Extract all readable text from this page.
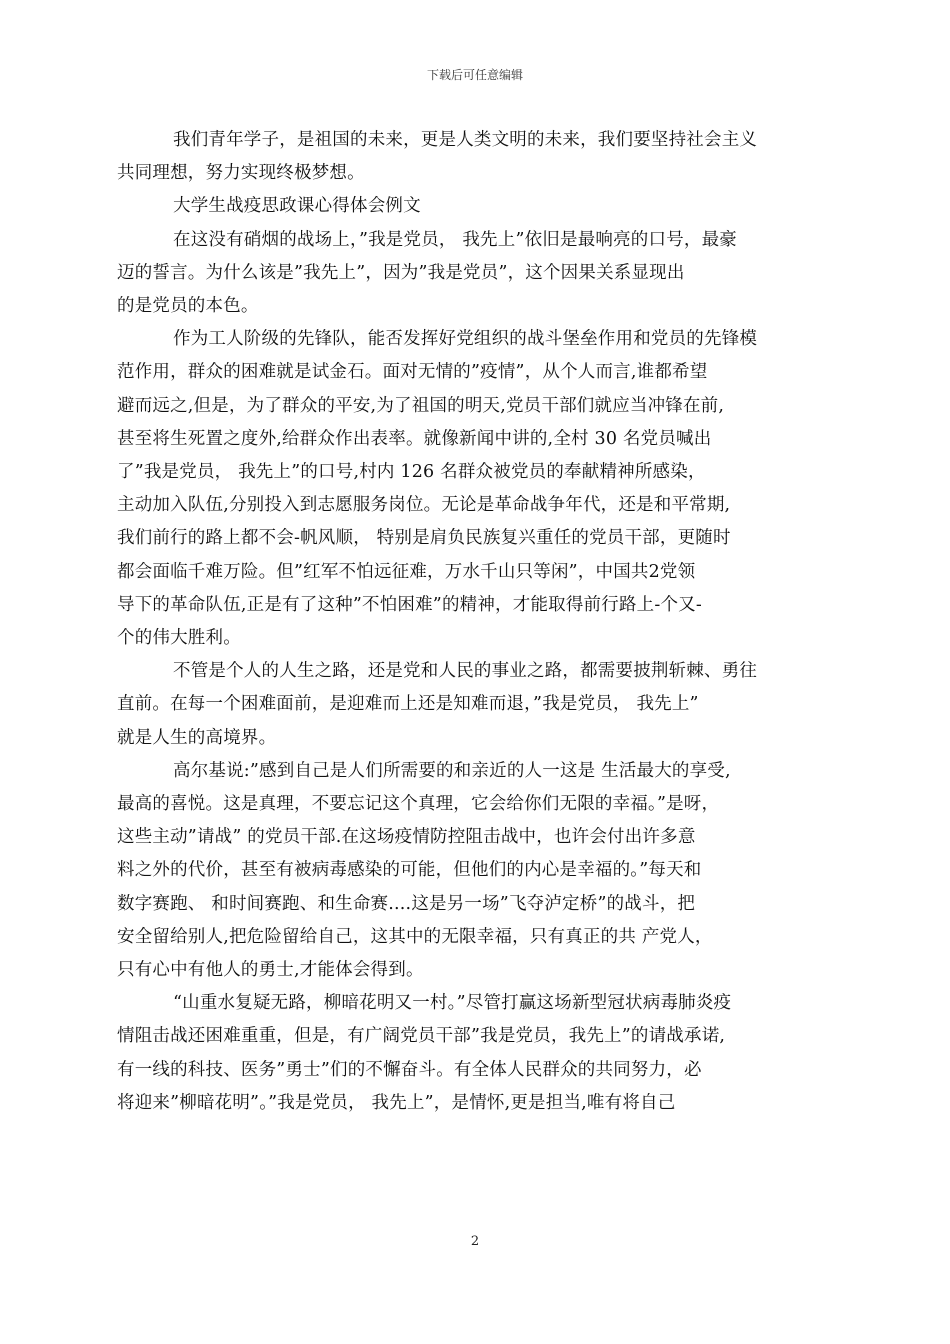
下载后可任意编辑

我们青年学子，是祖国的未来，更是人类文明的未来，我们要坚持社会主义
共同理想，努力实现终极梦想。

大学生战疫思政课心得体会例文

在这没有硝烟的战场上，”我是党员， 我先上”依旧是最响亮的口号，最豪
迈的誓言。为什么该是”我先上”，因为”我是党员”，这个因果关系显现出
的是党员的本色。

作为工人阶级的先锋队，能否发挥好党组织的战斗堡垒作用和党员的先锋模
范作用，群众的困难就是试金石。面对无情的”疫情”，从个人而言,谁都希望
避而远之,但是，为了群众的平安,为了祖国的明天,党员干部们就应当冲锋在前,
甚至将生死置之度外,给群众作出表率。就像新闻中讲的,全村 30 名党员喊出
了”我是党员， 我先上”的口号,村内 126 名群众被党员的奉献精神所感染，
主动加入队伍,分别投入到志愿服务岗位。无论是革命战争年代，还是和平常期,
我们前行的路上都不会-帆风顺， 特别是肩负民族复兴重任的党员干部，更随时
都会面临千难万险。但”红军不怕远征难，万水千山只等闲”，中国共2党领
导下的革命队伍,正是有了这种”不怕困难”的精神，才能取得前行路上-个又-
个的伟大胜利。

不管是个人的人生之路，还是党和人民的事业之路，都需要披荆斩棘、勇往
直前。在每一个困难面前，是迎难而上还是知难而退，”我是党员， 我先上”
就是人生的高境界。

高尔基说:”感到自己是人们所需要的和亲近的人一这是 生活最大的享受,
最高的喜悦。这是真理，不要忘记这个真理，它会给你们无限的幸福。”是呀，
这些主动”请战” 的党员干部.在这场疫情防控阻击战中，也许会付出许多意
料之外的代价，甚至有被病毒感染的可能，但他们的内心是幸福的。”每天和
数字赛跑、 和时间赛跑、和生命赛....这是另一场”飞夺泸定桥”的战斗，把
安全留给别人,把危险留给自己，这其中的无限幸福，只有真正的共 产党人，
只有心中有他人的勇士,才能体会得到。

“山重水复疑无路，柳暗花明又一村。”尽管打赢这场新型冠状病毒肺炎疫
情阻击战还困难重重，但是，有广阔党员干部”我是党员，我先上”的请战承诺,
有一线的科技、医务”勇士”们的不懈奋斗。有全体人民群众的共同努力，必
将迎来”柳暗花明”。”我是党员， 我先上”，是情怀,更是担当,唯有将自己

2
